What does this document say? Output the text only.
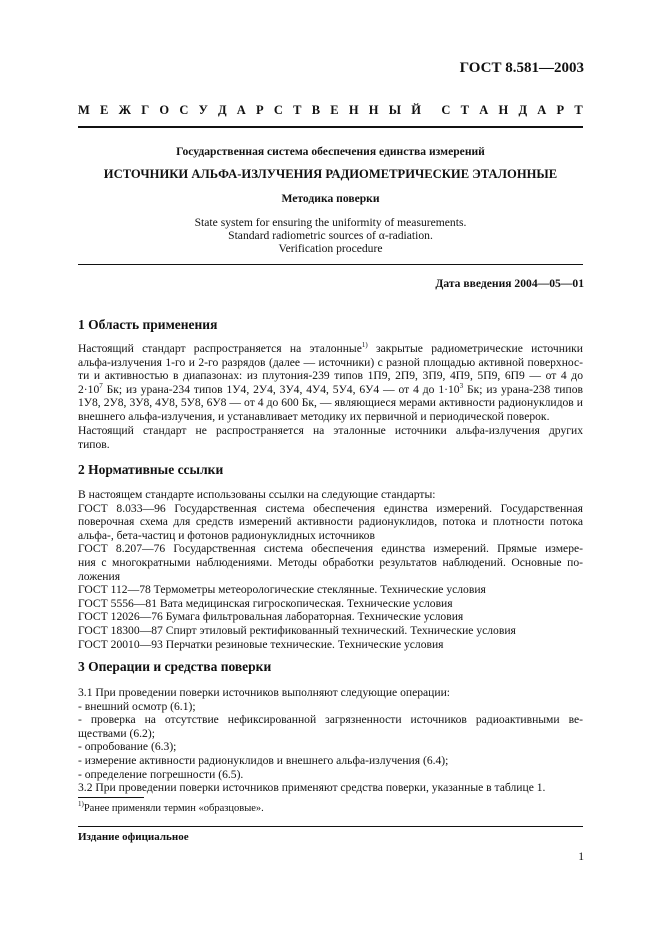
ГОСТ 8.581—2003
М Е Ж Г О С У Д А Р С Т В Е Н Н Ы Й С Т А Н Д А Р Т
Государственная система обеспечения единства измерений
ИСТОЧНИКИ АЛЬФА-ИЗЛУЧЕНИЯ РАДИОМЕТРИЧЕСКИЕ ЭТАЛОННЫЕ
Методика поверки
State system for ensuring the uniformity of measurements.
Standard radiometric sources of α-radiation.
Verification procedure
Дата введения 2004—05—01
1 Область применения
Настоящий стандарт распространяется на эталонные$^{1)}$ закрытые радиометрические источники
альфа-излучения 1-го и 2-го разрядов (далее — источники) с разной площадью активной поверхнос-
ти и активностью в диапазонах: из плутония-239 типов 1П9, 2П9, 3П9, 4П9, 5П9, 6П9 — от 4 до
$2\cdot 10^7$ Бк; из урана-234 типов 1У4, 2У4, 3У4, 4У4, 5У4, 6У4 — от 4 до $1\cdot 10^3$ Бк; из урана-238 типов
1У8, 2У8, 3У8, 4У8, 5У8, 6У8 — от 4 до 600 Бк, — являющиеся мерами активности радионуклидов и
внешнего альфа-излучения, и устанавливает методику их первичной и периодической поверок.
Настоящий стандарт не распространяется на эталонные источники альфа-излучения других
типов.
2 Нормативные ссылки
В настоящем стандарте использованы ссылки на следующие стандарты:
ГОСТ 8.033—96 Государственная система обеспечения единства измерений. Государственная
поверочная схема для средств измерений активности радионуклидов, потока и плотности потока
альфа-, бета-частиц и фотонов радионуклидных источников
ГОСТ 8.207—76 Государственная система обеспечения единства измерений. Прямые измере-
ния с многократными наблюдениями. Методы обработки результатов наблюдений. Основные по-
ложения
ГОСТ 112—78 Термометры метеорологические стеклянные. Технические условия
ГОСТ 5556—81 Вата медицинская гигроскопическая. Технические условия
ГОСТ 12026—76 Бумага фильтровальная лабораторная. Технические условия
ГОСТ 18300—87 Спирт этиловый ректификованный технический. Технические условия
ГОСТ 20010—93 Перчатки резиновые технические. Технические условия
3 Операции и средства поверки
3.1 При проведении поверки источников выполняют следующие операции:
- внешний осмотр (6.1);
- проверка на отсутствие нефиксированной загрязненности источников радиоактивными ве-
ществами (6.2);
- опробование (6.3);
- измерение активности радионуклидов и внешнего альфа-излучения (6.4);
- определение погрешности (6.5).
3.2 При проведении поверки источников применяют средства поверки, указанные в таблице 1.
$^{1)}$Ранее применяли термин «образцовые».
Издание официальное
1
